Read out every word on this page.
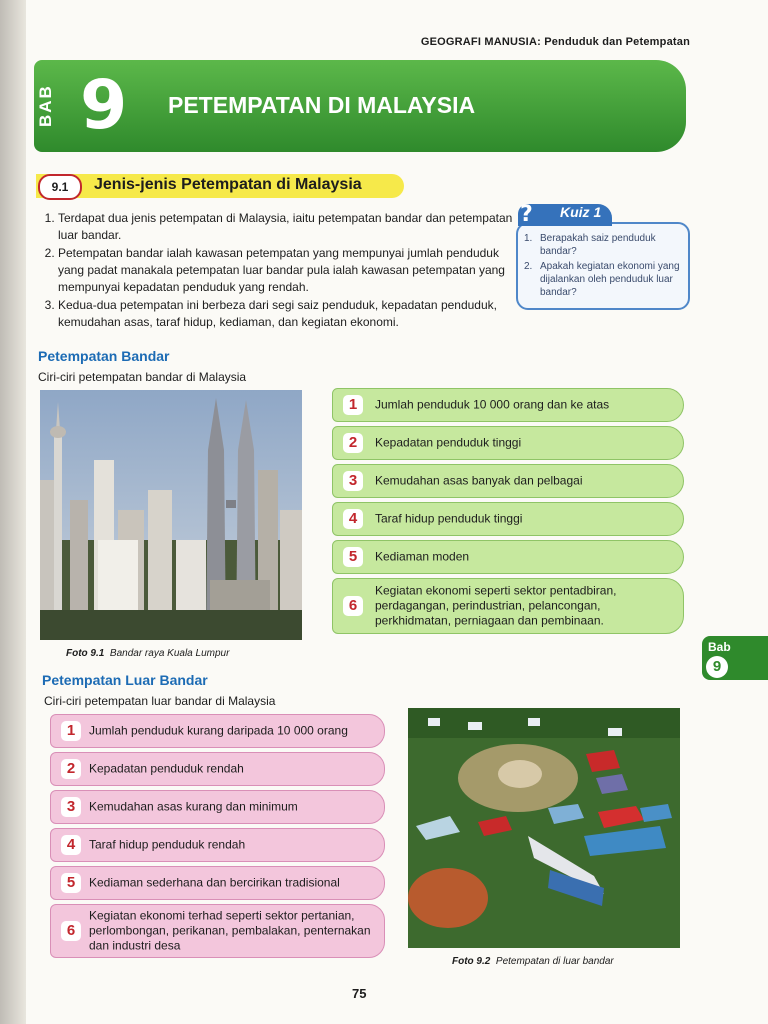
GEOGRAFI MANUSIA: Penduduk dan Petempatan
BAB 9 PETEMPATAN DI MALAYSIA
9.1	Jenis-jenis Petempatan di Malaysia
1. Terdapat dua jenis petempatan di Malaysia, iaitu petempatan bandar dan petempatan luar bandar.
2. Petempatan bandar ialah kawasan petempatan yang mempunyai jumlah penduduk yang padat manakala petempatan luar bandar pula ialah kawasan petempatan yang mempunyai kepadatan penduduk yang rendah.
3. Kedua-dua petempatan ini berbeza dari segi saiz penduduk, kepadatan penduduk, kemudahan asas, taraf hidup, kediaman, dan kegiatan ekonomi.
? Kuiz 1
1. Berapakah saiz penduduk bandar?
2. Apakah kegiatan ekonomi yang dijalankan oleh penduduk luar bandar?
Petempatan Bandar
Ciri-ciri petempatan bandar di Malaysia
Foto 9.1 Bandar raya Kuala Lumpur
1	Jumlah penduduk 10 000 orang dan ke atas
2	Kepadatan penduduk tinggi
3	Kemudahan asas banyak dan pelbagai
4	Taraf hidup penduduk tinggi
5	Kediaman moden
6
Kegiatan ekonomi seperti sektor pentadbiran, perdagangan, perindustrian, pelancongan, perkhidmatan, perniagaan dan pembinaan.
Bab
9
Petempatan Luar Bandar
Ciri-ciri petempatan luar bandar di Malaysia
1	Jumlah penduduk kurang daripada 10 000 orang
2	Kepadatan penduduk rendah
3	Kemudahan asas kurang dan minimum
4	Taraf hidup penduduk rendah
5	Kediaman sederhana dan bercirikan tradisional
6
Kegiatan ekonomi terhad seperti sektor pertanian, perlombongan, perikanan, pembalakan, penternakan dan industri desa
Foto 9.2 Petempatan di luar bandar
75
